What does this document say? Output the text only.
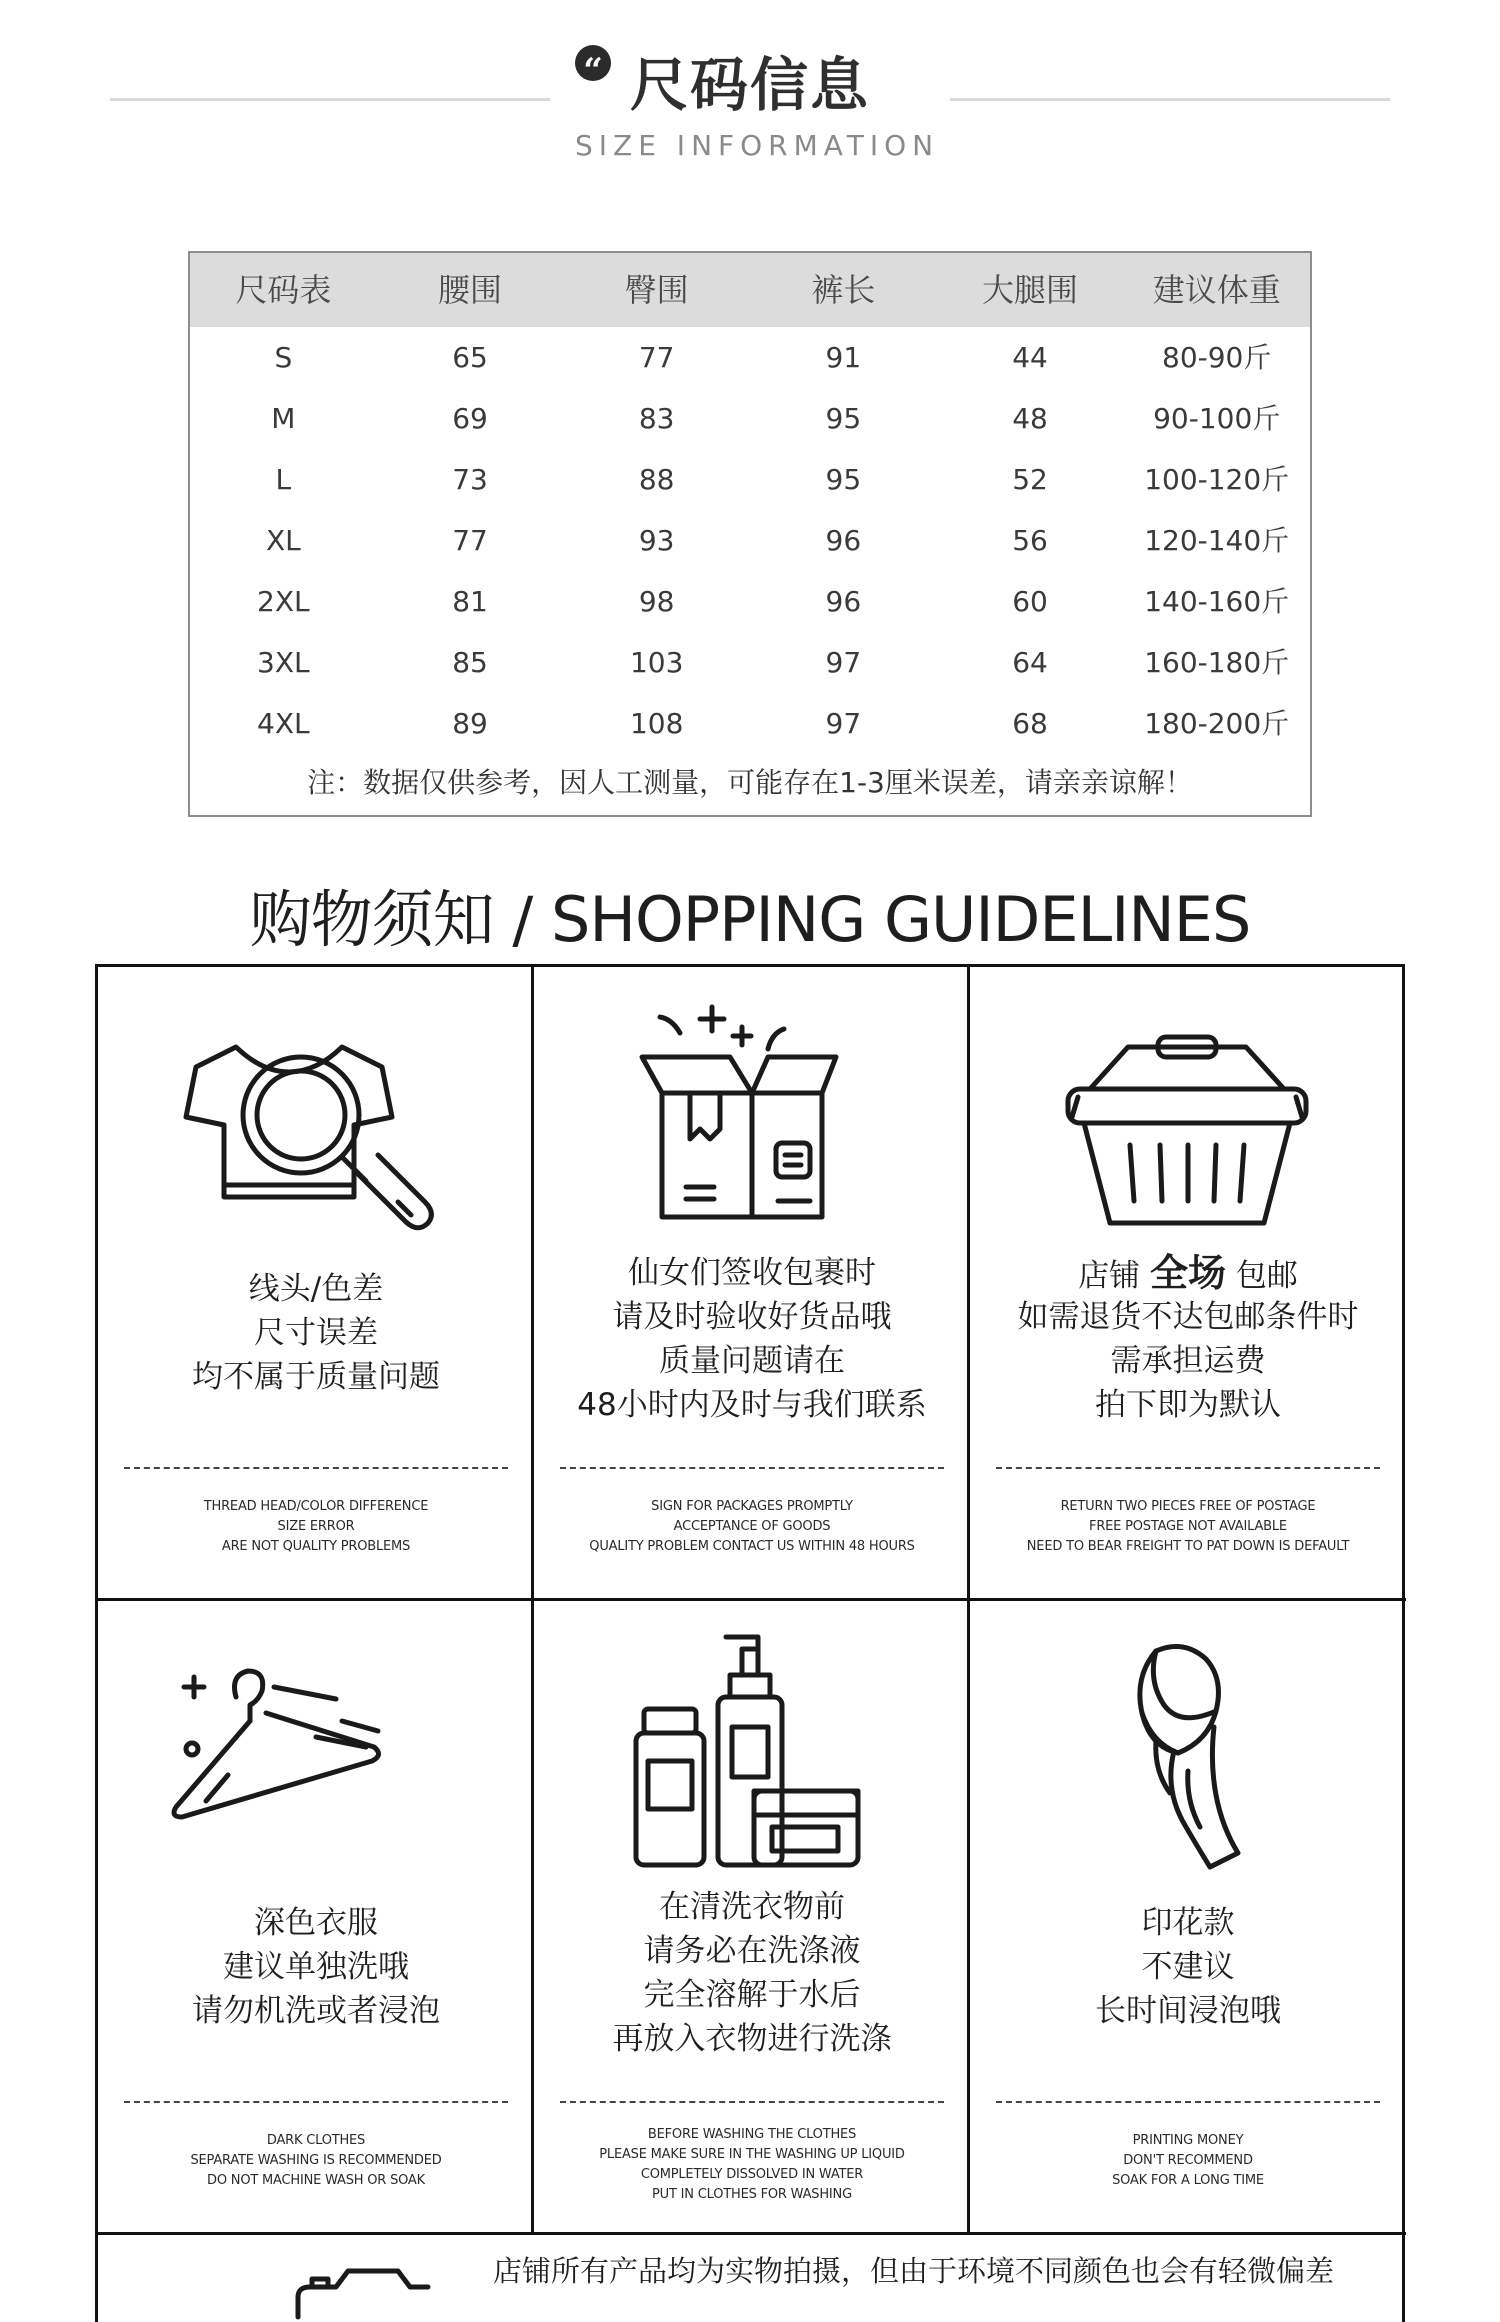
“ 尺码信息
SIZE INFORMATION
尺码表	腰围	臀围	裤长	大腿围	建议体重
S	65	77	91	44	80-90斤
M	69	83	95	48	90-100斤
L	73	88	95	52	100-120斤
XL	77	93	96	56	120-140斤
2XL	81	98	96	60	140-160斤
3XL	85	103	97	64	160-180斤
4XL	89	108	97	68	180-200斤
注：数据仅供参考，因人工测量，可能存在1-3厘米误差，请亲亲谅解！
购物须知 / SHOPPING GUIDELINES
线头/色差
尺寸误差
均不属于质量问题
THREAD HEAD/COLOR DIFFERENCE
SIZE ERROR
ARE NOT QUALITY PROBLEMS
仙女们签收包裹时
请及时验收好货品哦
质量问题请在
48小时内及时与我们联系
SIGN FOR PACKAGES PROMPTLY
ACCEPTANCE OF GOODS
QUALITY PROBLEM CONTACT US WITHIN 48 HOURS
店铺 全场 包邮
如需退货不达包邮条件时
需承担运费
拍下即为默认
RETURN TWO PIECES FREE OF POSTAGE
FREE POSTAGE NOT AVAILABLE
NEED TO BEAR FREIGHT TO PAT DOWN IS DEFAULT
深色衣服
建议单独洗哦
请勿机洗或者浸泡
DARK CLOTHES
SEPARATE WASHING IS RECOMMENDED
DO NOT MACHINE WASH OR SOAK
在清洗衣物前
请务必在洗涤液
完全溶解于水后
再放入衣物进行洗涤
BEFORE WASHING THE CLOTHES
PLEASE MAKE SURE IN THE WASHING UP LIQUID
COMPLETELY DISSOLVED IN WATER
PUT IN CLOTHES FOR WASHING
印花款
不建议
长时间浸泡哦
PRINTING MONEY
DON'T RECOMMEND
SOAK FOR A LONG TIME
店铺所有产品均为实物拍摄，但由于环境不同颜色也会有轻微偏差
